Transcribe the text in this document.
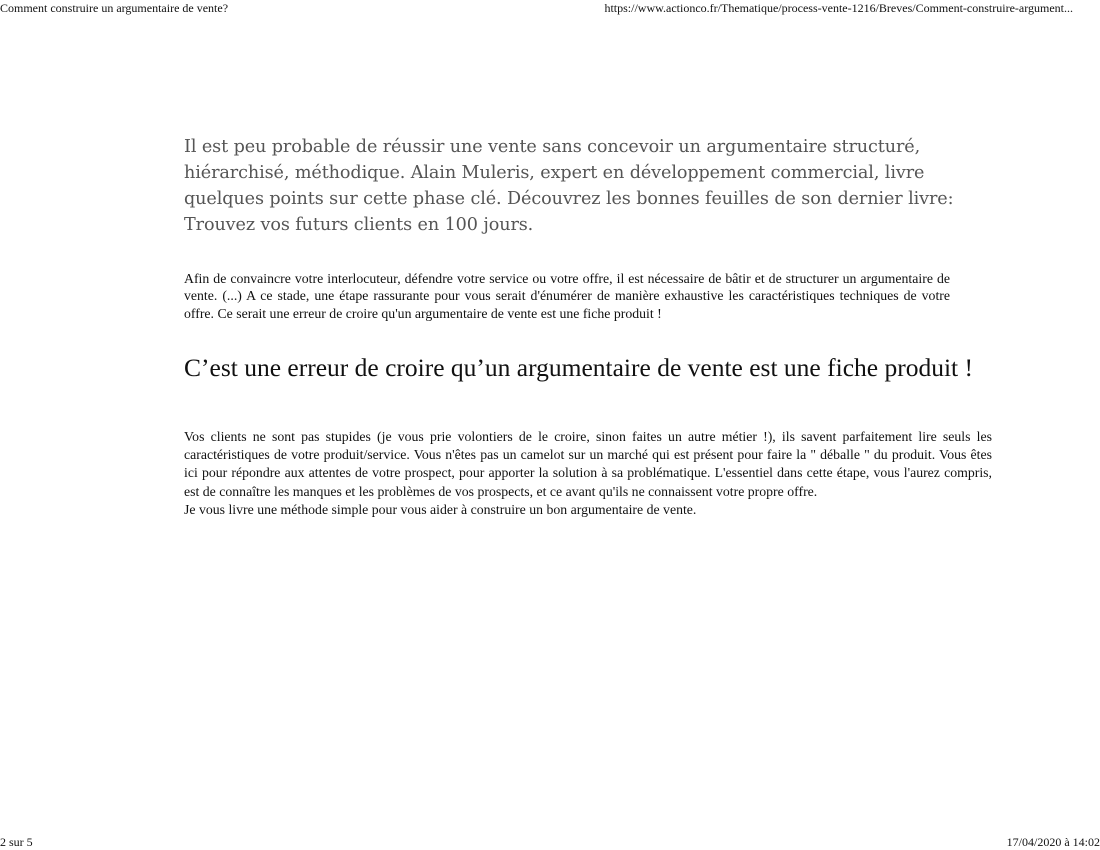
Comment construire un argumentaire de vente?	https://www.actionco.fr/Thematique/process-vente-1216/Breves/Comment-construire-argument...

Il est peu probable de réussir une vente sans concevoir un argumentaire structuré, hiérarchisé, méthodique. Alain Muleris, expert en développement commercial, livre quelques points sur cette phase clé. Découvrez les bonnes feuilles de son dernier livre: Trouvez vos futurs clients en 100 jours.

Afin de convaincre votre interlocuteur, défendre votre service ou votre offre, il est nécessaire de bâtir et de structurer un argumentaire de vente. (...) A ce stade, une étape rassurante pour vous serait d'énumérer de manière exhaustive les caractéristiques techniques de votre offre. Ce serait une erreur de croire qu'un argumentaire de vente est une fiche produit !

C’est une erreur de croire qu’un argumentaire de vente est une fiche produit !
Vos clients ne sont pas stupides (je vous prie volontiers de le croire, sinon faites un autre métier !), ils savent parfaitement lire seuls les caractéristiques de votre produit/service. Vous n'êtes pas un camelot sur un marché qui est présent pour faire la " déballe " du produit. Vous êtes ici pour répondre aux attentes de votre prospect, pour apporter la solution à sa problématique. L'essentiel dans cette étape, vous l'aurez compris, est de connaître les manques et les problèmes de vos prospects, et ce avant qu'ils ne connaissent votre propre offre.
Je vous livre une méthode simple pour vous aider à construire un bon argumentaire de vente.
2 sur 5	17/04/2020 à 14:02
